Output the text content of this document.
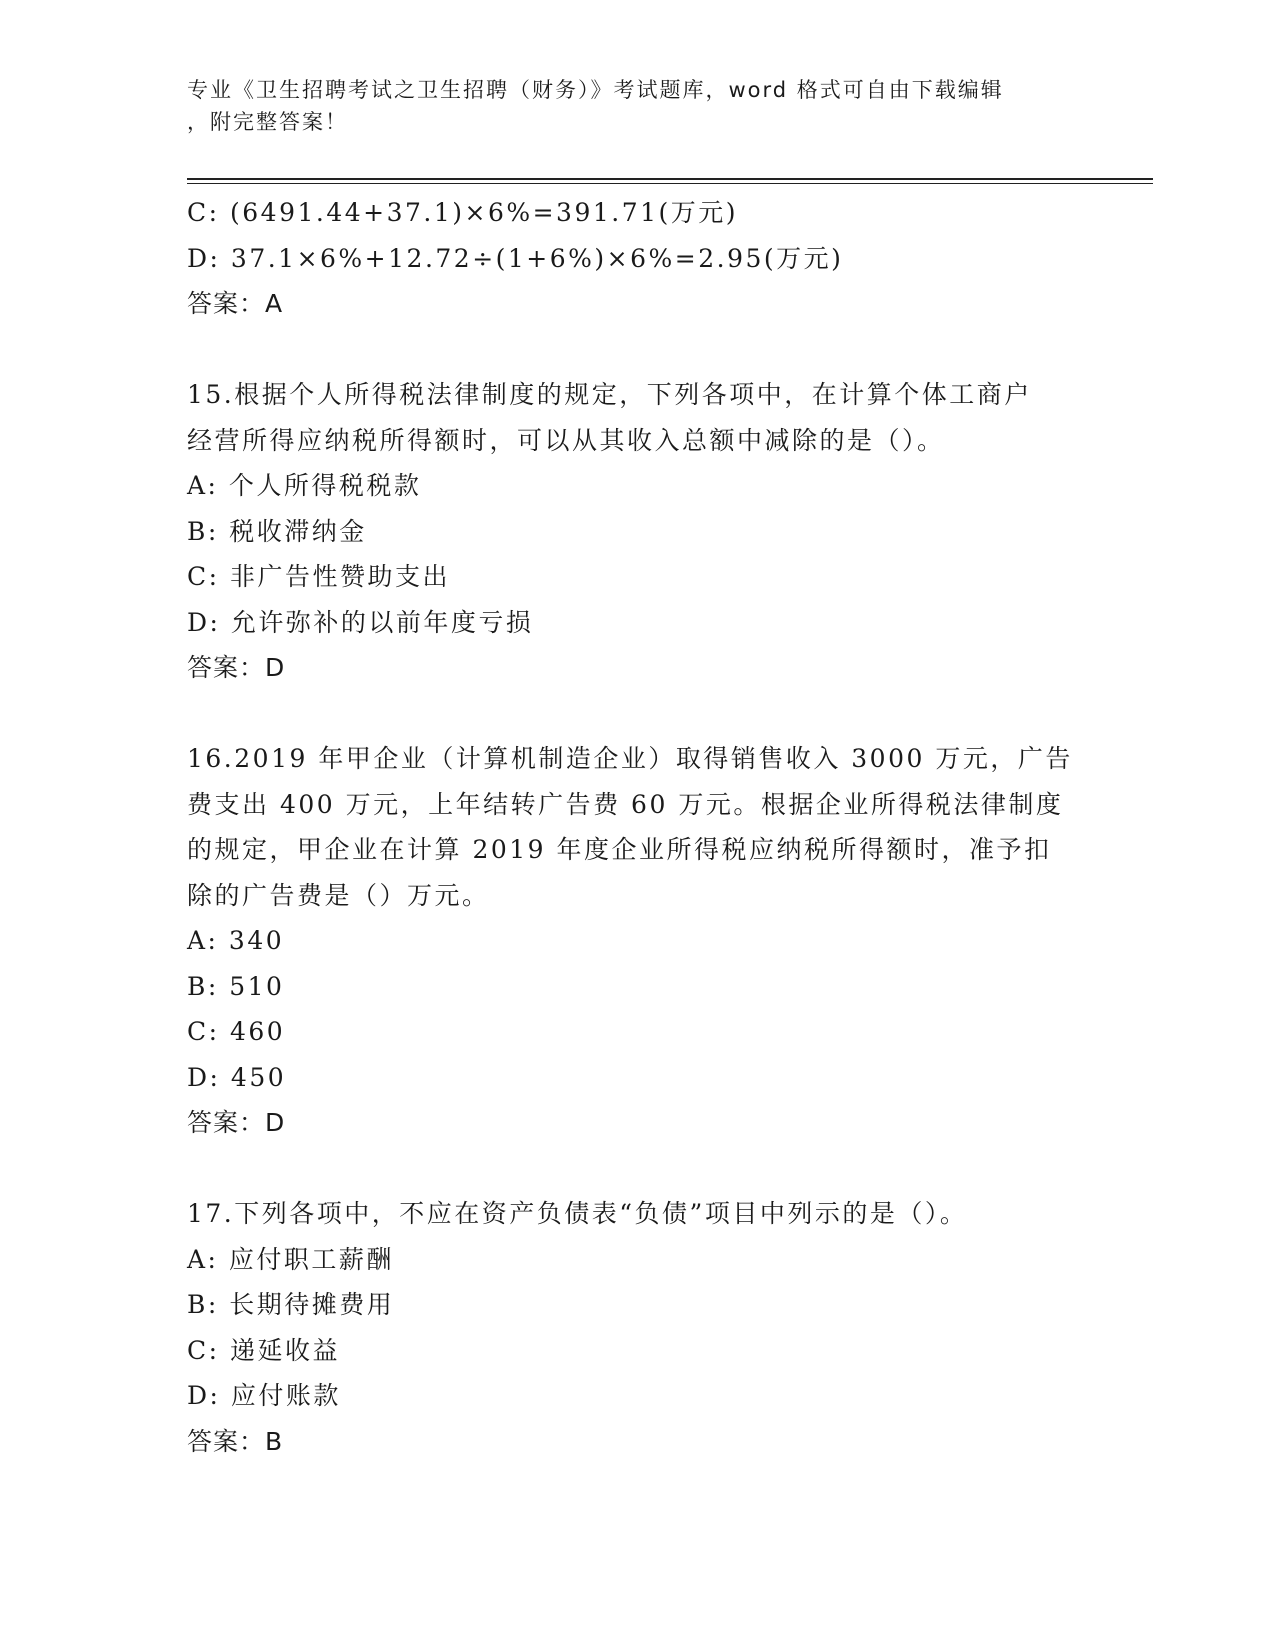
专业《卫生招聘考试之卫生招聘（财务）》考试题库，word 格式可自由下载编辑
，附完整答案！
C: (6491.44+37.1)×6%=391.71(万元)
D: 37.1×6%+12.72÷(1+6%)×6%=2.95(万元)
答案：A
15.根据个人所得税法律制度的规定，下列各项中，在计算个体工商户
经营所得应纳税所得额时，可以从其收入总额中减除的是（）。
A: 个人所得税税款
B: 税收滞纳金
C: 非广告性赞助支出
D: 允许弥补的以前年度亏损
答案：D
16.2019 年甲企业（计算机制造企业）取得销售收入 3000 万元，广告
费支出 400 万元，上年结转广告费 60 万元。根据企业所得税法律制度
的规定，甲企业在计算 2019 年度企业所得税应纳税所得额时，准予扣
除的广告费是（）万元。
A: 340
B: 510
C: 460
D: 450
答案：D
17.下列各项中，不应在资产负债表“负债”项目中列示的是（）。
A: 应付职工薪酬
B: 长期待摊费用
C: 递延收益
D: 应付账款
答案：B
